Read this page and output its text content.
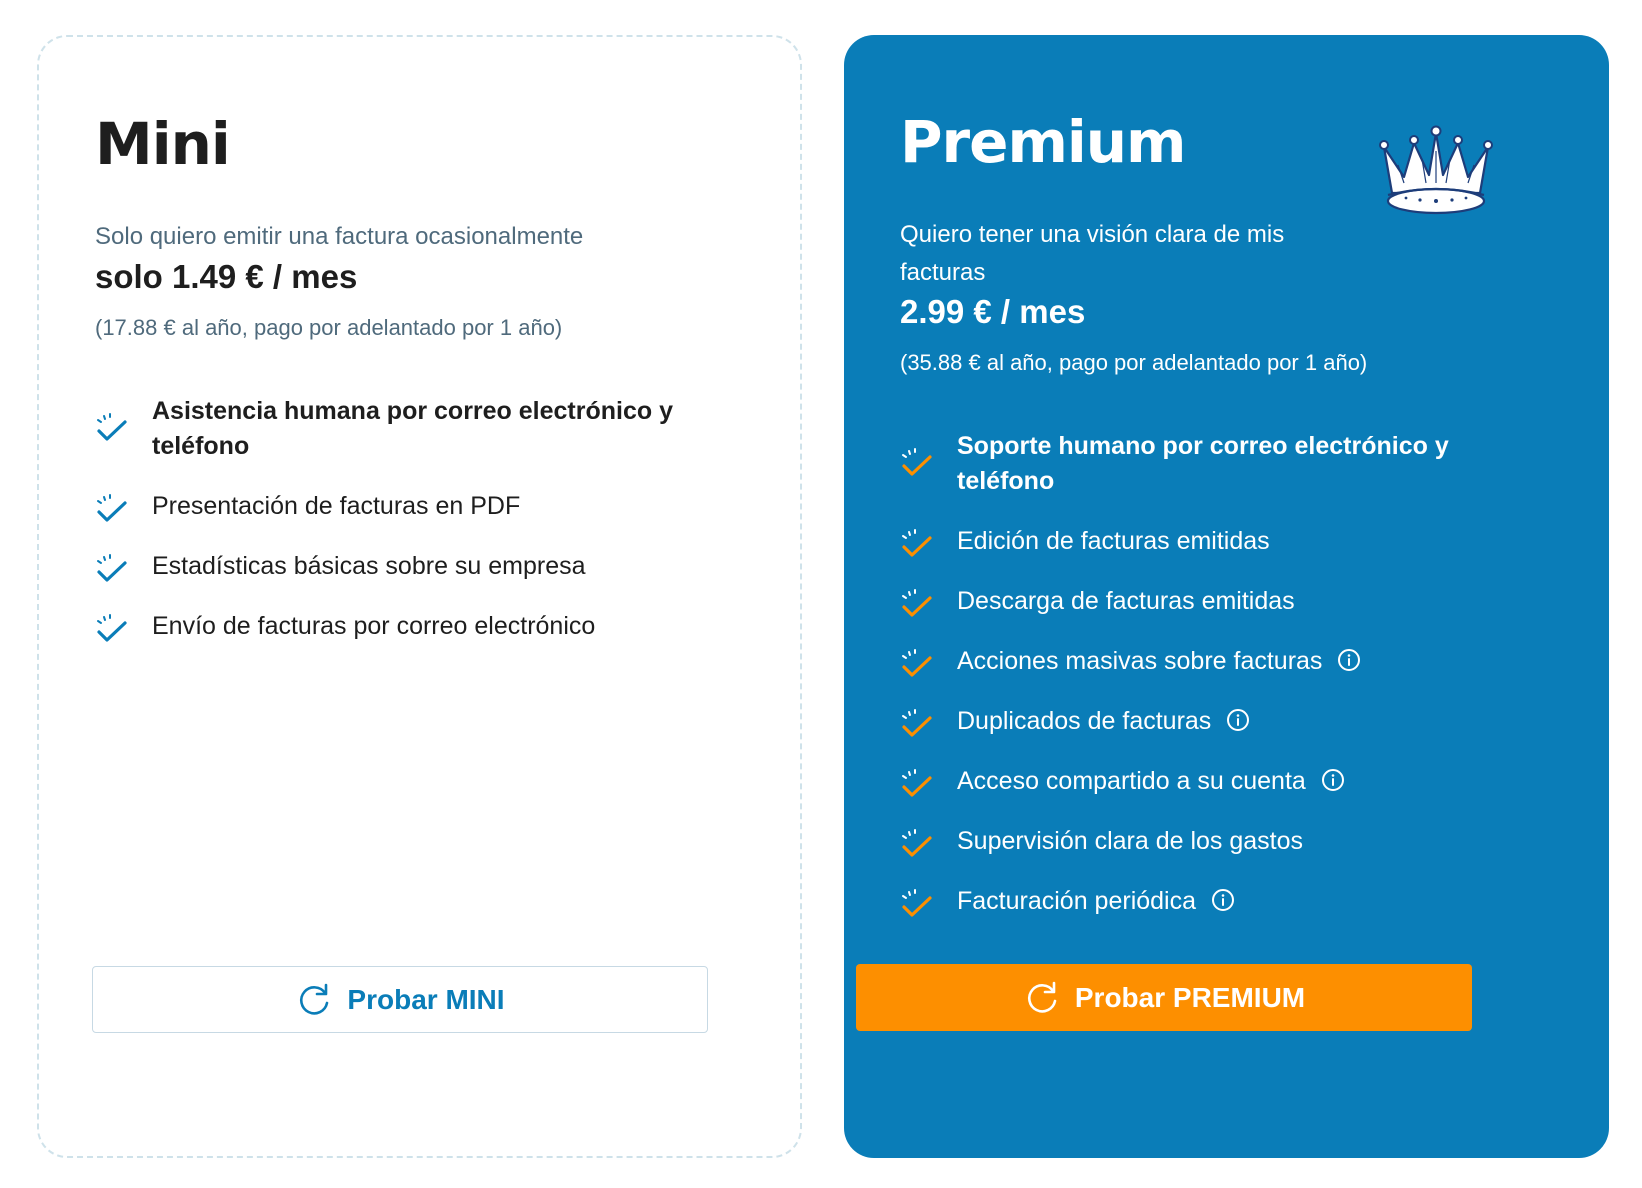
Mini
Solo quiero emitir una factura ocasionalmente
solo 1.49 € / mes
(17.88 € al año, pago por adelantado por 1 año)
Asistencia humana por correo electrónico y teléfono
Presentación de facturas en PDF
Estadísticas básicas sobre su empresa
Envío de facturas por correo electrónico
Probar MINI
Premium
Quiero tener una visión clara de mis facturas
2.99 € / mes
(35.88 € al año, pago por adelantado por 1 año)
Soporte humano por correo electrónico y teléfono
Edición de facturas emitidas
Descarga de facturas emitidas
Acciones masivas sobre facturas
Duplicados de facturas
Acceso compartido a su cuenta
Supervisión clara de los gastos
Facturación periódica
Probar PREMIUM
